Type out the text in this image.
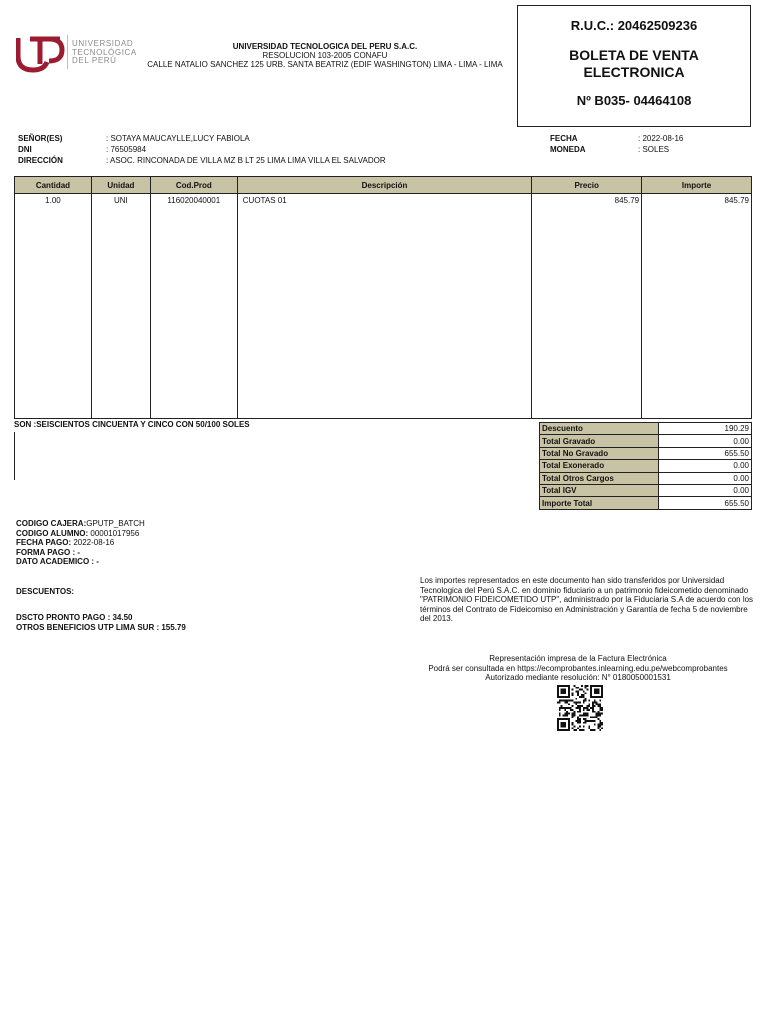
UNIVERSIDAD
TECNOLÓGICA
DEL PERÚ
UNIVERSIDAD TECNOLOGICA DEL PERU S.A.C.
RESOLUCION 103-2005 CONAFU
CALLE NATALIO SANCHEZ 125 URB. SANTA BEATRIZ (EDIF WASHINGTON) LIMA - LIMA - LIMA
R.U.C.: 20462509236
BOLETA DE VENTA
ELECTRONICA
Nº B035- 04464108
SEÑOR(ES)	: SOTAYA MAUCAYLLE,LUCY FABIOLA
DNI	: 76505984
DIRECCIÓN	: ASOC. RINCONADA DE VILLA MZ B LT 25 LIMA LIMA VILLA EL SALVADOR
FECHA	: 2022-08-16
MONEDA	: SOLES
Cantidad	Unidad	Cod.Prod	Descripción	Precio	Importe
1.00	UNI	116020040001	CUOTAS 01	845.79	845.79

SON :SEISCIENTOS CINCUENTA Y CINCO CON 50/100 SOLES	Descuento	190.29
Total Gravado	0.00
Total No Gravado	655.50
Total Exonerado	0.00
Total Otros Cargos	0.00
Total IGV	0.00
Importe Total	655.50
CODIGO CAJERA:GPUTP_BATCH
CODIGO ALUMNO: 00001017956
FECHA PAGO: 2022-08-16
FORMA PAGO : -
DATO ACADEMICO : -
DESCUENTOS:
DSCTO PRONTO PAGO : 34.50
OTROS BENEFICIOS UTP LIMA SUR : 155.79
Los importes representados en este documento han sido transferidos por Universidad Tecnologica del Perú S.A.C. en dominio fiduciario a un patrimonio fideicometido denominado "PATRIMONIO FIDEICOMETIDO UTP", administrado por la Fiduciaria S.A de acuerdo con los términos del Contrato de Fideicomiso en Administración y Garantía de fecha 5 de noviembre del 2013.
Representación impresa de la Factura Electrónica
Podrá ser consultada en https://ecomprobantes.inlearning.edu.pe/webcomprobantes
Autorizado mediante resolución: N° 0180050001531
